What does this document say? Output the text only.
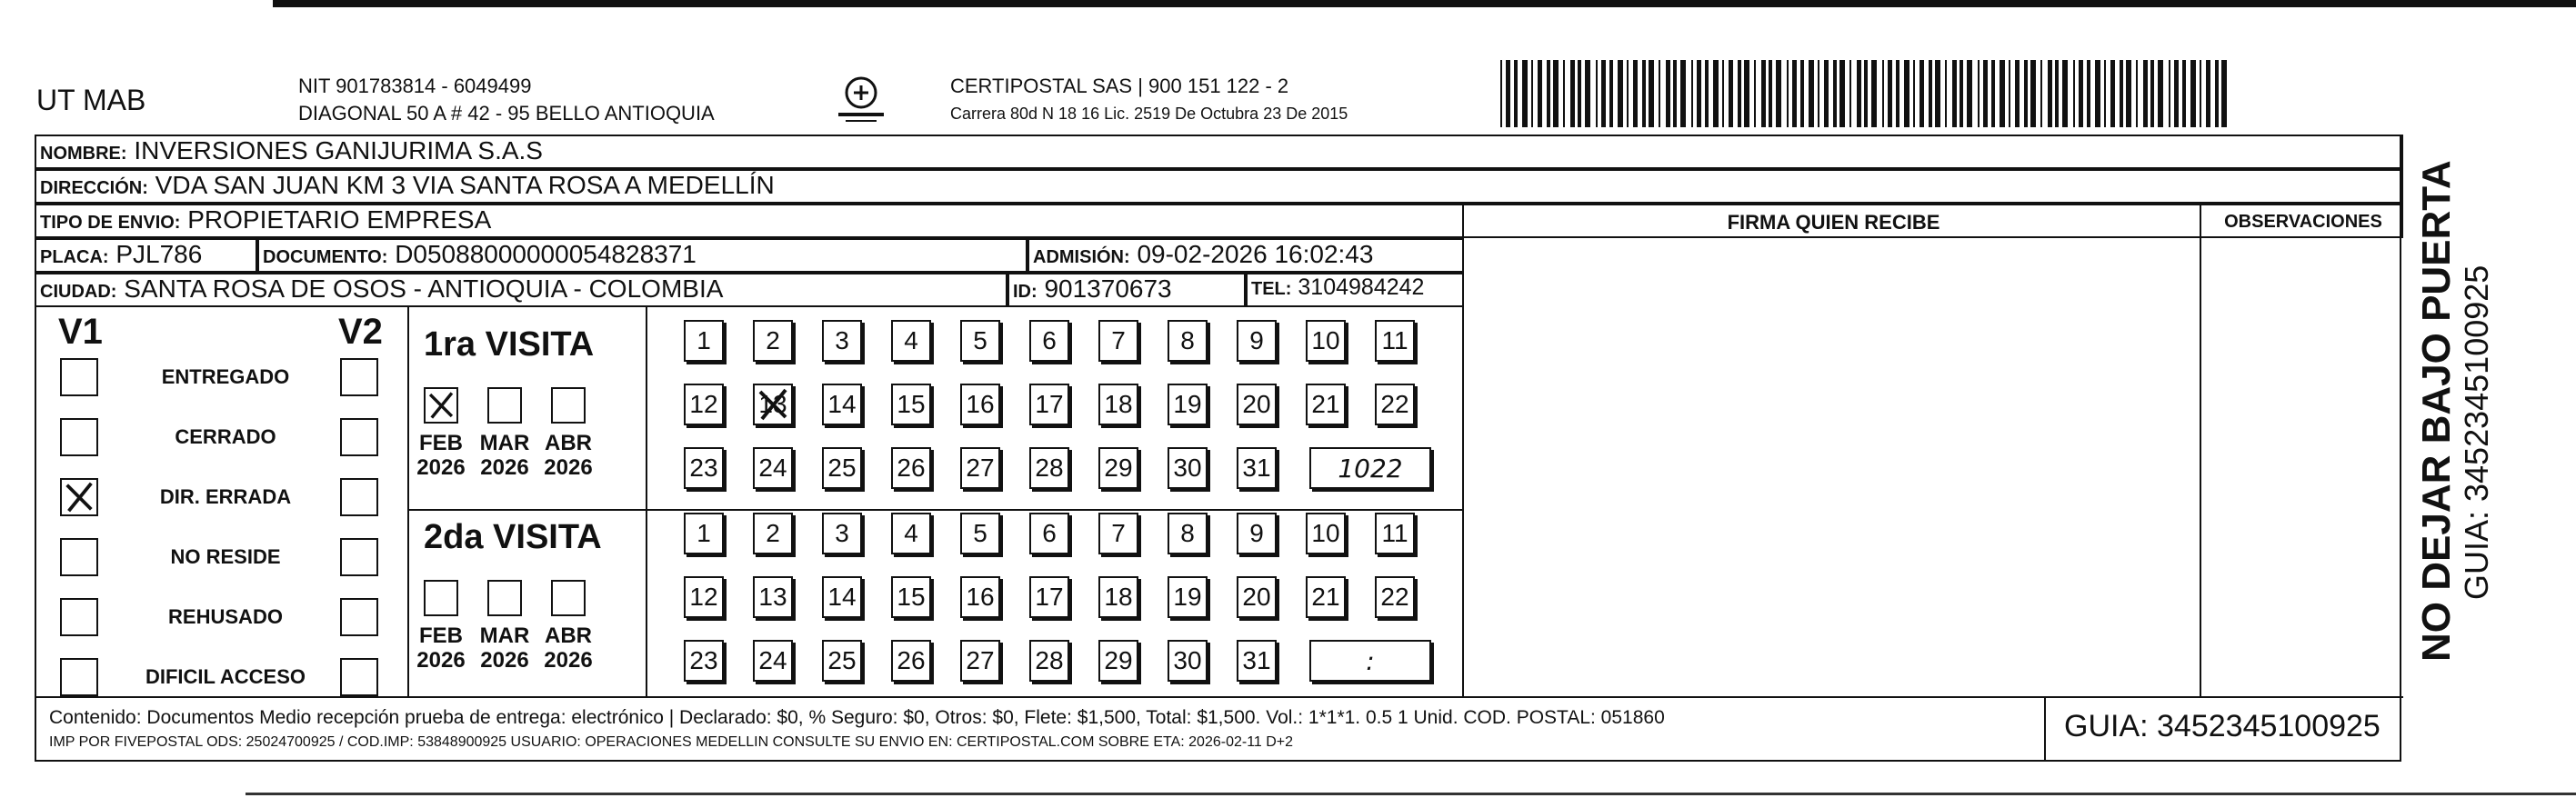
UT MAB	NIT 901783814 - 6049499
DIAGONAL 50 A # 42 - 95 BELLO ANTIOQUIA
CERTIPOSTAL SAS | 900 151 122 - 2
Carrera 80d N 18 16 Lic. 2519 De Octubra 23 De 2015
NOMBRE: INVERSIONES GANIJURIMA S.A.S
DIRECCIÓN: VDA SAN JUAN KM 3 VIA SANTA ROSA A MEDELLÍN
TIPO DE ENVIO: PROPIETARIO EMPRESA
PLACA: PJL786	DOCUMENTO: D05088000000054828371	ADMISIÓN: 09-02-2026 16:02:43
CIUDAD: SANTA ROSA DE OSOS - ANTIOQUIA - COLOMBIA	ID: 901370673	TEL: 3104984242
FIRMA QUIEN RECIBE	OBSERVACIONES
V1	V2
ENTREGADO
CERRADO
DIR. ERRADA
NO RESIDE
REHUSADO
DIFICIL ACCESO
1ra VISITA
FEB
2026
MAR
2026
ABR
2026
1 2 3 4 5 6 7 8 9 10 11
12 13 14 15 16 17 18 19 20 21 22
23 24 25 26 27 28 29 30 31	1022
2da VISITA
FEB
2026
MAR
2026
ABR
2026
1 2 3 4 5 6 7 8 9 10 11
12 13 14 15 16 17 18 19 20 21 22
23 24 25 26 27 28 29 30 31	:
Contenido: Documentos Medio recepción prueba de entrega: electrónico | Declarado: $0, % Seguro: $0, Otros: $0, Flete: $1,500, Total: $1,500. Vol.: 1*1*1. 0.5 1 Unid. COD. POSTAL: 051860
IMP POR FIVEPOSTAL ODS: 25024700925 / COD.IMP: 53848900925 USUARIO: OPERACIONES MEDELLIN CONSULTE SU ENVIO EN: CERTIPOSTAL.COM SOBRE ETA: 2026-02-11 D+2	GUIA: 3452345100925
NO DEJAR BAJO PUERTA GUIA: 3452345100925
